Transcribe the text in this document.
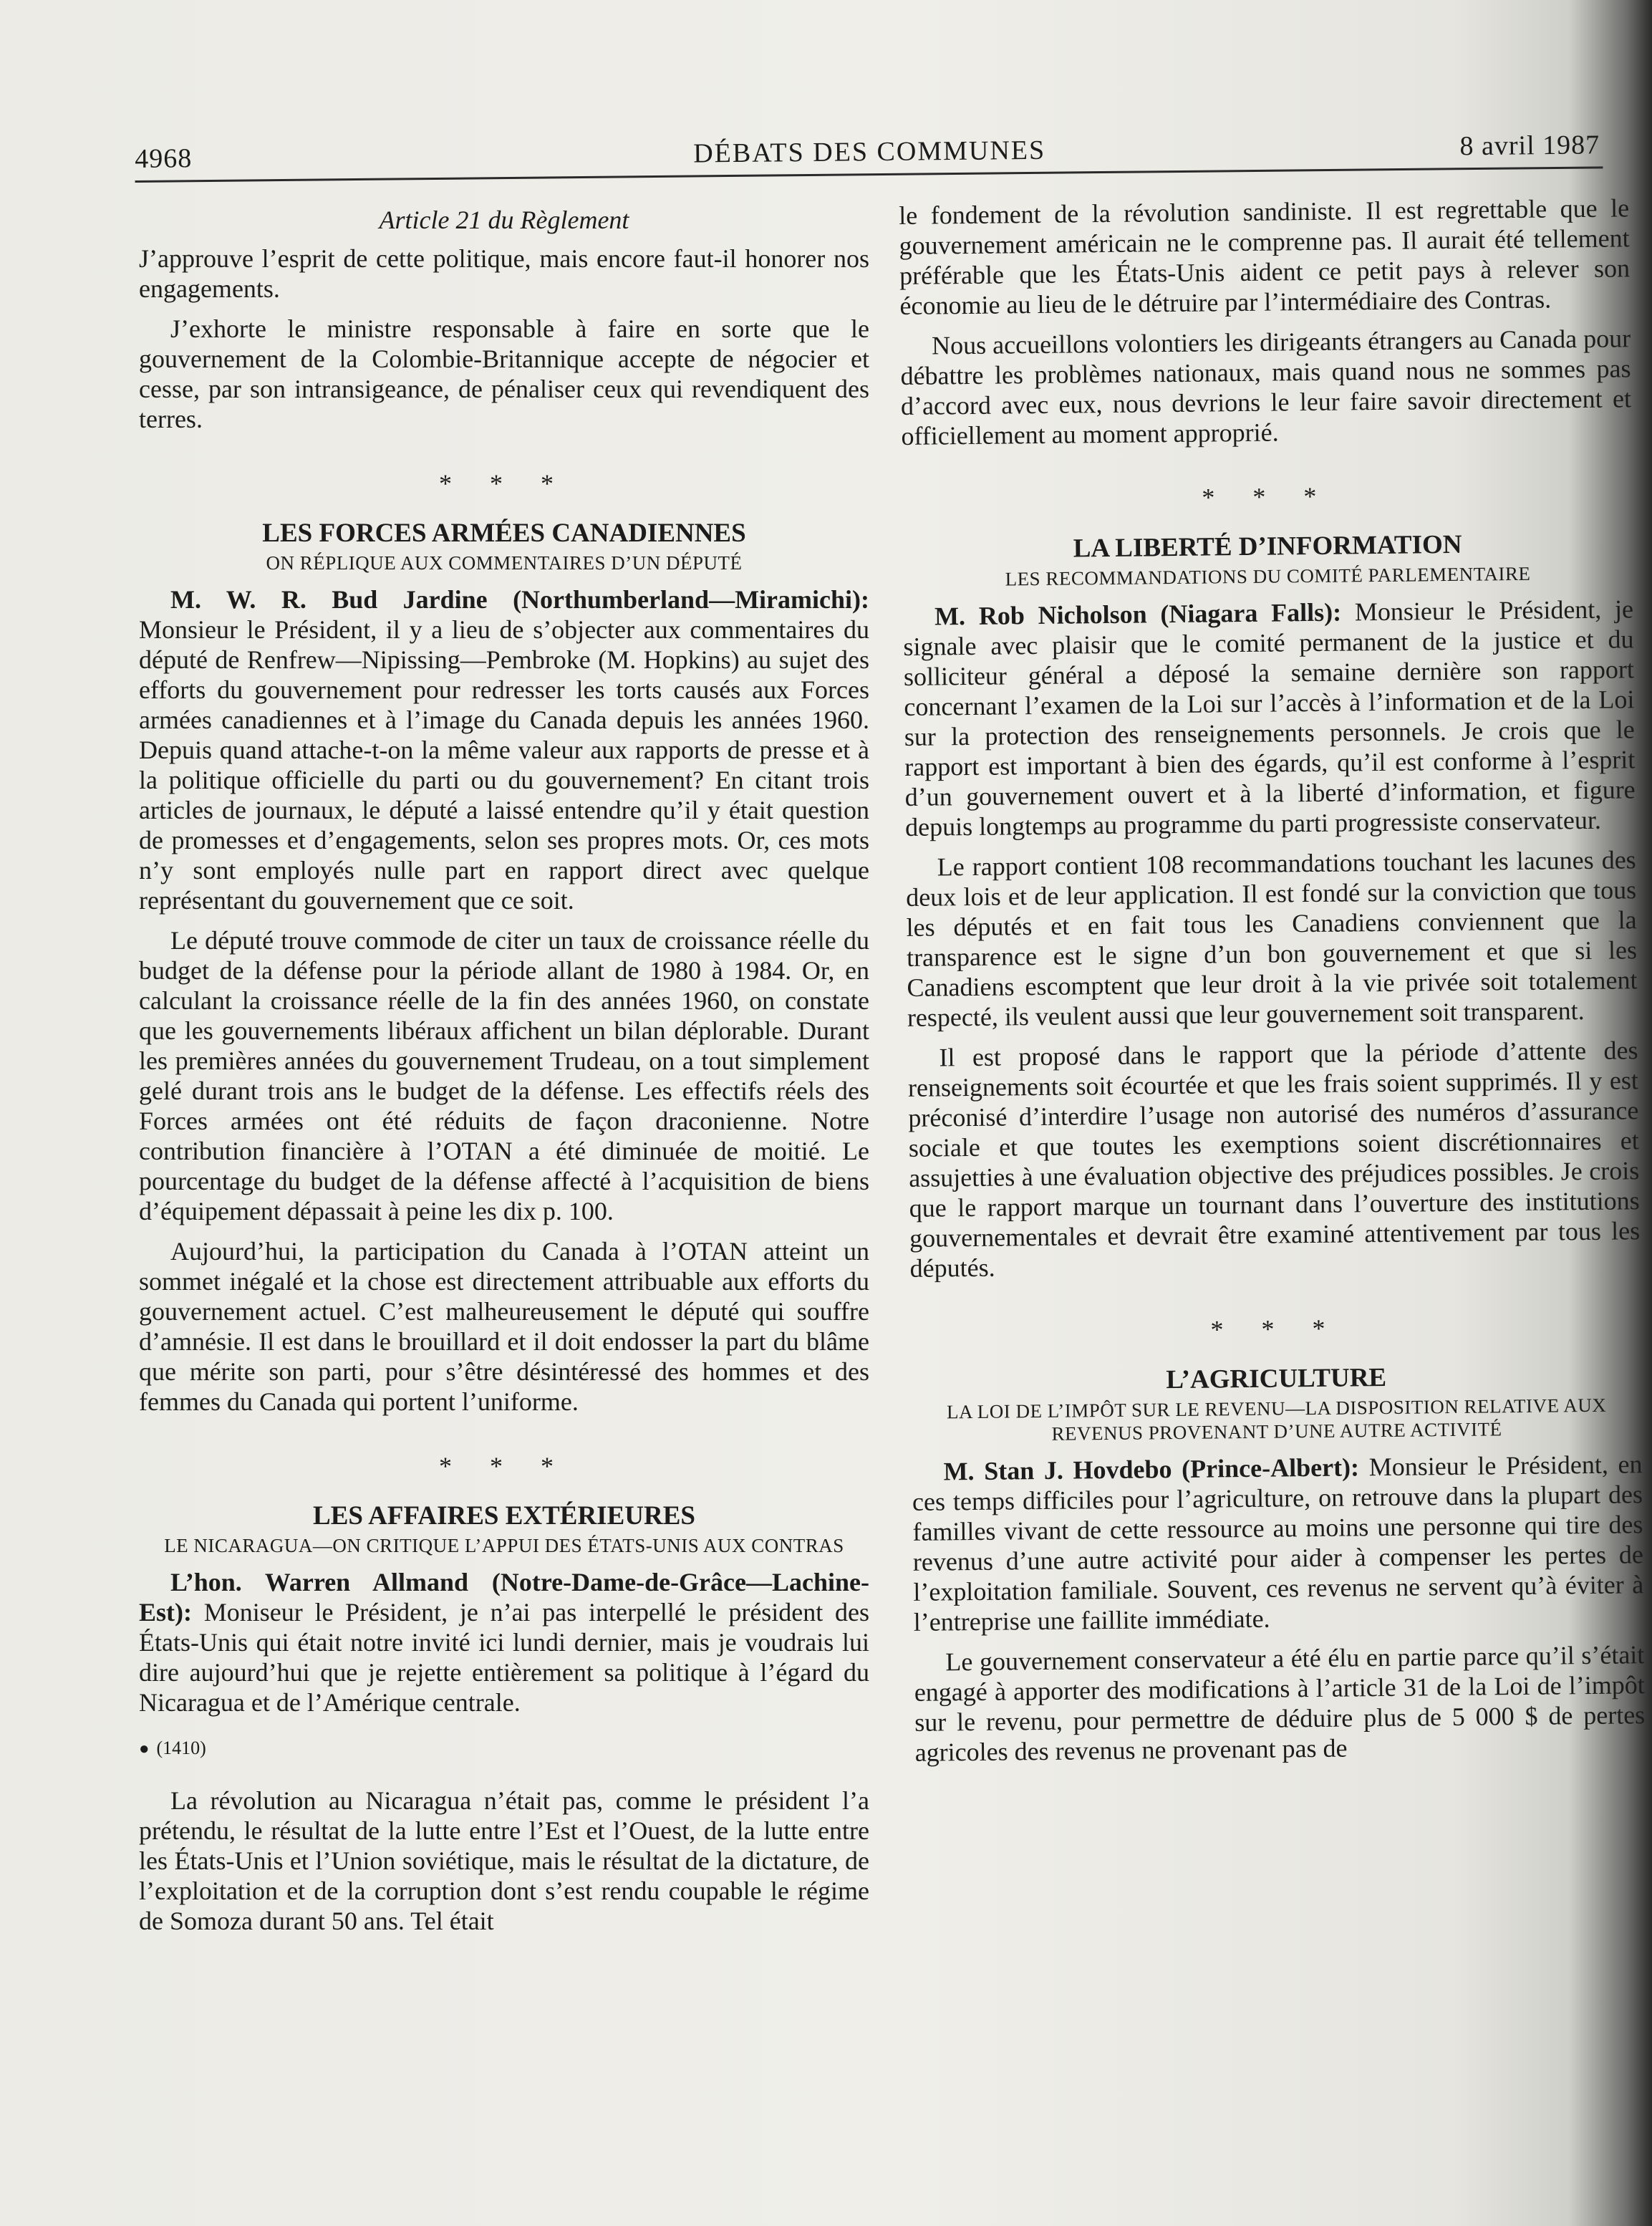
4968	DÉBATS DES COMMUNES	8 avril 1987
Article 21 du Règlement

J’approuve l’esprit de cette politique, mais encore faut-il honorer nos engagements.

J’exhorte le ministre responsable à faire en sorte que le gouvernement de la Colombie-Britannique accepte de négocier et cesse, par son intransigeance, de pénaliser ceux qui revendiquent des terres.

* * *
LES FORCES ARMÉES CANADIENNES
ON RÉPLIQUE AUX COMMENTAIRES D’UN DÉPUTÉ

M. W. R. Bud Jardine (Northumberland—Miramichi): Monsieur le Président, il y a lieu de s’objecter aux commentaires du député de Renfrew—Nipissing—Pembroke (M. Hopkins) au sujet des efforts du gouvernement pour redresser les torts causés aux Forces armées canadiennes et à l’image du Canada depuis les années 1960. Depuis quand attache-t-on la même valeur aux rapports de presse et à la politique officielle du parti ou du gouvernement? En citant trois articles de journaux, le député a laissé entendre qu’il y était question de promesses et d’engagements, selon ses propres mots. Or, ces mots n’y sont employés nulle part en rapport direct avec quelque représentant du gouvernement que ce soit.

Le député trouve commode de citer un taux de croissance réelle du budget de la défense pour la période allant de 1980 à 1984. Or, en calculant la croissance réelle de la fin des années 1960, on constate que les gouvernements libéraux affichent un bilan déplorable. Durant les premières années du gouvernement Trudeau, on a tout simplement gelé durant trois ans le budget de la défense. Les effectifs réels des Forces armées ont été réduits de façon draconienne. Notre contribution financière à l’OTAN a été diminuée de moitié. Le pourcentage du budget de la défense affecté à l’acquisition de biens d’équipement dépassait à peine les dix p. 100.

Aujourd’hui, la participation du Canada à l’OTAN atteint un sommet inégalé et la chose est directement attribuable aux efforts du gouvernement actuel. C’est malheureusement le député qui souffre d’amnésie. Il est dans le brouillard et il doit endosser la part du blâme que mérite son parti, pour s’être désintéressé des hommes et des femmes du Canada qui portent l’uniforme.

* * *
LES AFFAIRES EXTÉRIEURES
LE NICARAGUA—ON CRITIQUE L’APPUI DES ÉTATS-UNIS AUX CONTRAS

L’hon. Warren Allmand (Notre-Dame-de-Grâce—Lachine-Est): Moniseur le Président, je n’ai pas interpellé le président des États-Unis qui était notre invité ici lundi dernier, mais je voudrais lui dire aujourd’hui que je rejette entièrement sa politique à l’égard du Nicaragua et de l’Amérique centrale.

● (1410)

La révolution au Nicaragua n’était pas, comme le président l’a prétendu, le résultat de la lutte entre l’Est et l’Ouest, de la lutte entre les États-Unis et l’Union soviétique, mais le résultat de la dictature, de l’exploitation et de la corruption dont s’est rendu coupable le régime de Somoza durant 50 ans. Tel était

le fondement de la révolution sandiniste. Il est regrettable que le gouvernement américain ne le comprenne pas. Il aurait été tellement préférable que les États-Unis aident ce petit pays à relever son économie au lieu de le détruire par l’intermédiaire des Contras.

Nous accueillons volontiers les dirigeants étrangers au Canada pour débattre les problèmes nationaux, mais quand nous ne sommes pas d’accord avec eux, nous devrions le leur faire savoir directement et officiellement au moment approprié.

* * *
LA LIBERTÉ D’INFORMATION
LES RECOMMANDATIONS DU COMITÉ PARLEMENTAIRE

M. Rob Nicholson (Niagara Falls): Monsieur le Président, je signale avec plaisir que le comité permanent de la justice et du solliciteur général a déposé la semaine dernière son rapport concernant l’examen de la Loi sur l’accès à l’information et de la Loi sur la protection des renseignements personnels. Je crois que le rapport est important à bien des égards, qu’il est conforme à l’esprit d’un gouvernement ouvert et à la liberté d’information, et figure depuis longtemps au programme du parti progressiste conservateur.

Le rapport contient 108 recommandations touchant les lacunes des deux lois et de leur application. Il est fondé sur la conviction que tous les députés et en fait tous les Canadiens conviennent que la transparence est le signe d’un bon gouvernement et que si les Canadiens escomptent que leur droit à la vie privée soit totalement respecté, ils veulent aussi que leur gouvernement soit transparent.

Il est proposé dans le rapport que la période d’attente des renseignements soit écourtée et que les frais soient supprimés. Il y est préconisé d’interdire l’usage non autorisé des numéros d’assurance sociale et que toutes les exemptions soient discrétionnaires et assujetties à une évaluation objective des préjudices possibles. Je crois que le rapport marque un tournant dans l’ouverture des institutions gouvernementales et devrait être examiné attentivement par tous les députés.

* * *
L’AGRICULTURE
LA LOI DE L’IMPÔT SUR LE REVENU—LA DISPOSITION RELATIVE AUX REVENUS PROVENANT D’UNE AUTRE ACTIVITÉ

M. Stan J. Hovdebo (Prince-Albert): Monsieur le Président, en ces temps difficiles pour l’agriculture, on retrouve dans la plupart des familles vivant de cette ressource au moins une personne qui tire des revenus d’une autre activité pour aider à compenser les pertes de l’exploitation familiale. Souvent, ces revenus ne servent qu’à éviter à l’entreprise une faillite immédiate.

Le gouvernement conservateur a été élu en partie parce qu’il s’était engagé à apporter des modifications à l’article 31 de la Loi de l’impôt sur le revenu, pour permettre de déduire plus de 5 000 $ de pertes agricoles des revenus ne provenant pas de
